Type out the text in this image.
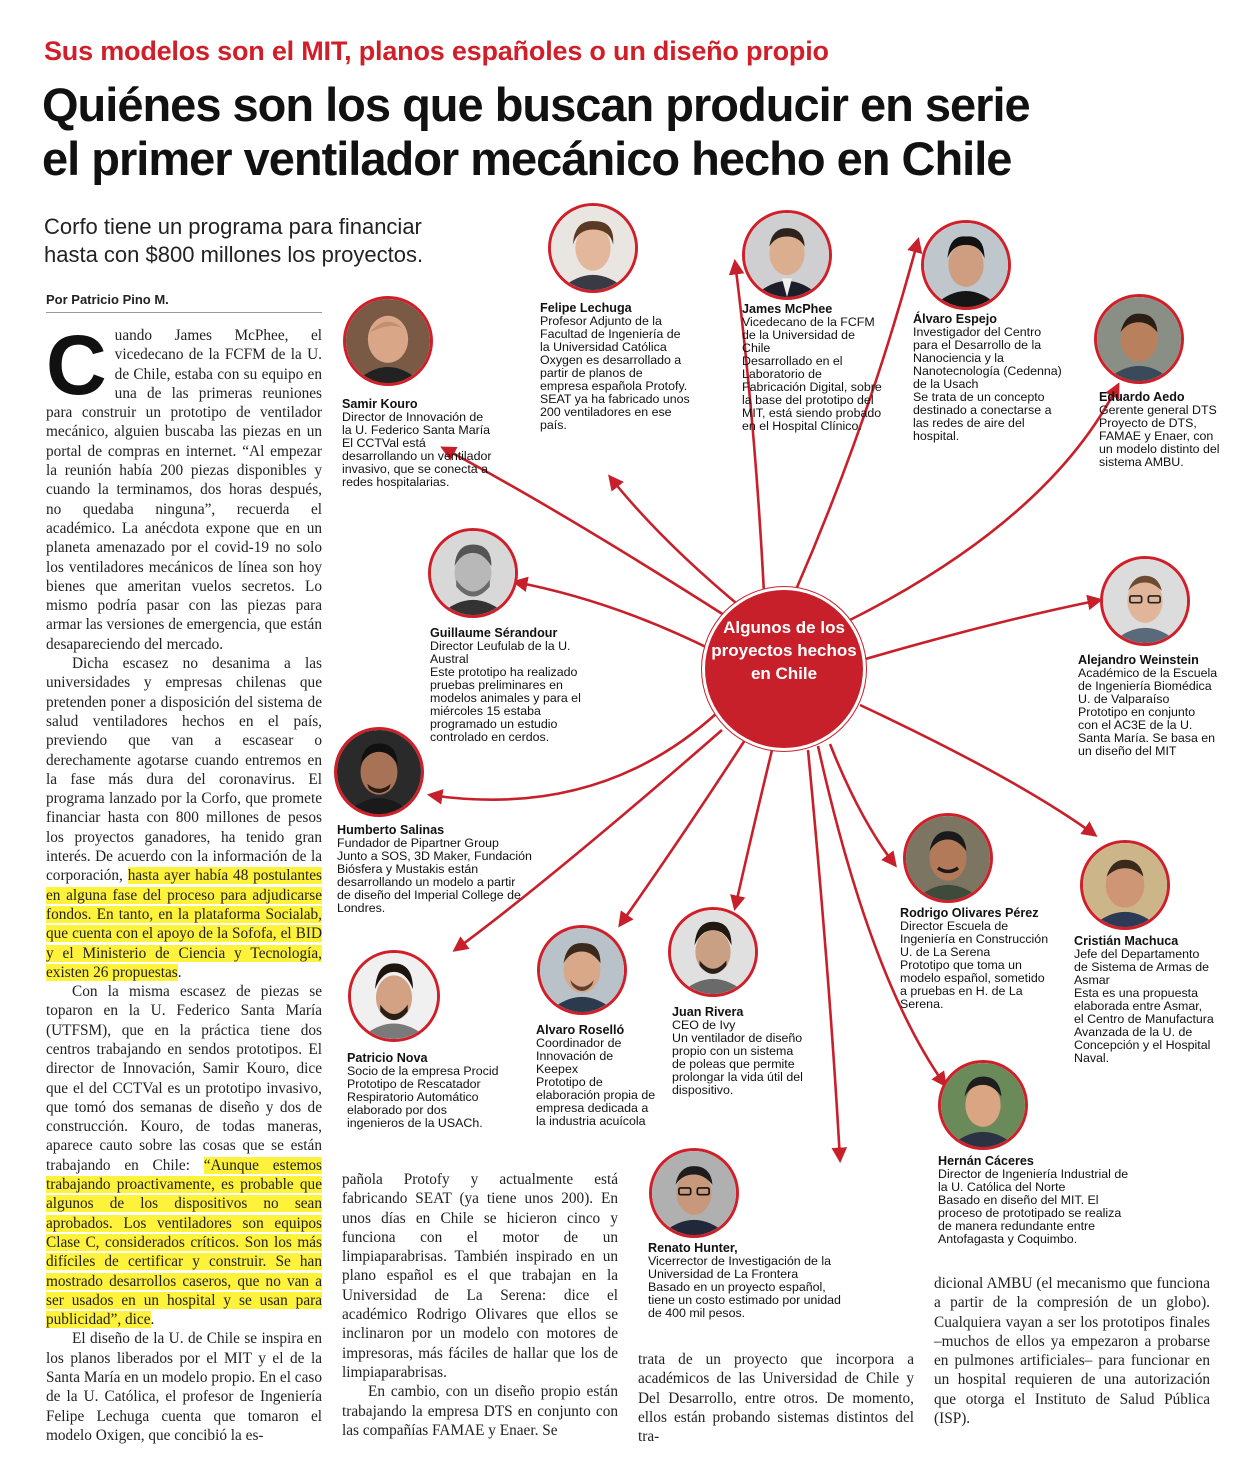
Sus modelos son el MIT, planos españoles o un diseño propio
Quiénes son los que buscan producir en serie
el primer ventilador mecánico hecho en Chile
Corfo tiene un programa para financiar hasta con $800 millones los proyectos.
Por Patricio Pino M.

Cuando James McPhee, el vicedecano de la FCFM de la U. de Chile, estaba con su equipo en una de las primeras reuniones para construir un prototipo de ventilador mecánico, alguien buscaba las piezas en un portal de compras en internet. “Al empezar la reunión había 200 piezas disponibles y cuando la terminamos, dos horas después, no quedaba ninguna”, recuerda el académico. La anécdota expone que en un planeta amenazado por el covid-19 no solo los ventiladores mecánicos de línea son hoy bienes que ameritan vuelos secretos. Lo mismo podría pasar con las piezas para armar las versiones de emergencia, que están desapareciendo del mercado.

Dicha escasez no desanima a las universidades y empresas chilenas que pretenden poner a disposición del sistema de salud ventiladores hechos en el país, previendo que van a escasear o derechamente agotarse cuando entremos en la fase más dura del coronavirus. El programa lanzado por la Corfo, que promete financiar hasta con 800 millones de pesos los proyectos ganadores, ha tenido gran interés. De acuerdo con la información de la corporación, hasta ayer había 48 postulantes en alguna fase del proceso para adjudicarse fondos. En tanto, en la plataforma Socialab, que cuenta con el apoyo de la Sofofa, el BID y el Ministerio de Ciencia y Tecnología, existen 26 propuestas.

Con la misma escasez de piezas se toparon en la U. Federico Santa María (UTFSM), que en la práctica tiene dos centros trabajando en sendos prototipos. El director de Innovación, Samir Kouro, dice que el del CCTVal es un prototipo invasivo, que tomó dos semanas de diseño y dos de construcción. Kouro, de todas maneras, aparece cauto sobre las cosas que se están trabajando en Chile: “Aunque estemos trabajando proactivamente, es probable que algunos de los dispositivos no sean aprobados. Los ventiladores son equipos Clase C, considerados críticos. Son los más difíciles de certificar y construir. Se han mostrado desarrollos caseros, que no van a ser usados en un hospital y se usan para publicidad”, dice.

El diseño de la U. de Chile se inspira en los planos liberados por el MIT y el de la Santa María en un modelo propio. En el caso de la U. Católica, el profesor de Ingeniería Felipe Lechuga cuenta que tomaron el modelo Oxigen, que concibió la es-

pañola Protofy y actualmente está fabricando SEAT (ya tiene unos 200). En unos días en Chile se hicieron cinco y funciona con el motor de un limpiaparabrisas. También inspirado en un plano español es el que trabajan en la Universidad de La Serena: dice el académico Rodrigo Olivares que ellos se inclinaron por un modelo con motores de impresoras, más fáciles de hallar que los de limpiaparabrisas.

En cambio, con un diseño propio están trabajando la empresa DTS en conjunto con las compañías FAMAE y Enaer. Se

trata de un proyecto que incorpora a académicos de las Universidad de Chile y Del Desarrollo, entre otros. De momento, ellos están probando sistemas distintos del tra-

dicional AMBU (el mecanismo que funciona a partir de la compresión de un globo). Cualquiera vayan a ser los prototipos finales –muchos de ellos ya empezaron a probarse en pulmones artificiales– para funcionar en un hospital requieren de una autorización que otorga el Instituto de Salud Pública (ISP).

Algunos de los proyectos hechos en Chile
Samir Kouro
Director de Innovación de la U. Federico Santa María
El CCTVal está desarrollando un ventilador invasivo, que se conecta a redes hospitalarias.
Felipe Lechuga
Profesor Adjunto de la Facultad de Ingeniería de la Universidad Católica
Oxygen es desarrollado a partir de planos de empresa española Protofy. SEAT ya ha fabricado unos 200 ventiladores en ese país.
James McPhee
Vicedecano de la FCFM de la Universidad de Chile
Desarrollado en el Laboratorio de Fabricación Digital, sobre la base del prototipo del MIT, está siendo probado en el Hospital Clínico.
Álvaro Espejo
Investigador del Centro para el Desarrollo de la Nanociencia y la Nanotecnología (Cedenna) de la Usach
Se trata de un concepto destinado a conectarse a las redes de aire del hospital.
Eduardo Aedo
Gerente general DTS
Proyecto de DTS, FAMAE y Enaer, con un modelo distinto del sistema AMBU.
Guillaume Sérandour
Director Leufulab de la U. Austral
Este prototipo ha realizado pruebas preliminares en modelos animales y para el miércoles 15 estaba programado un estudio controlado en cerdos.
Alejandro Weinstein
Académico de la Escuela de Ingeniería Biomédica U. de Valparaíso
Prototipo en conjunto con el AC3E de la U. Santa María. Se basa en un diseño del MIT
Humberto Salinas
Fundador de Pipartner Group
Junto a SOS, 3D Maker, Fundación Biósfera y Mustakis están desarrollando un modelo a partir de diseño del Imperial College de Londres.	Rodrigo Olivares Pérez
Director Escuela de Ingeniería en Construcción U. de La Serena
Prototipo que toma un modelo español, sometido a pruebas en H. de La Serena.
Cristián Machuca
Jefe del Departamento de Sistema de Armas de Asmar
Esta es una propuesta elaborada entre Asmar, el Centro de Manufactura Avanzada de la U. de Concepción y el Hospital Naval.
Juan Rivera
CEO de Ivy
Un ventilador de diseño propio con un sistema de poleas que permite prolongar la vida útil del dispositivo.
Alvaro Roselló
Coordinador de Innovación de Keepex
Prototipo de elaboración propia de empresa dedicada a la industria acuícola
Patricio Nova
Socio de la empresa Procid
Prototipo de Rescatador Respiratorio Automático elaborado por dos ingenieros de la USACh.
Renato Hunter,
Vicerrector de Investigación de la Universidad de La Frontera
Basado en un proyecto español, tiene un costo estimado por unidad de 400 mil pesos.
Hernán Cáceres
Director de Ingeniería Industrial de la U. Católica del Norte
Basado en diseño del MIT. El proceso de prototipado se realiza de manera redundante entre Antofagasta y Coquimbo.
